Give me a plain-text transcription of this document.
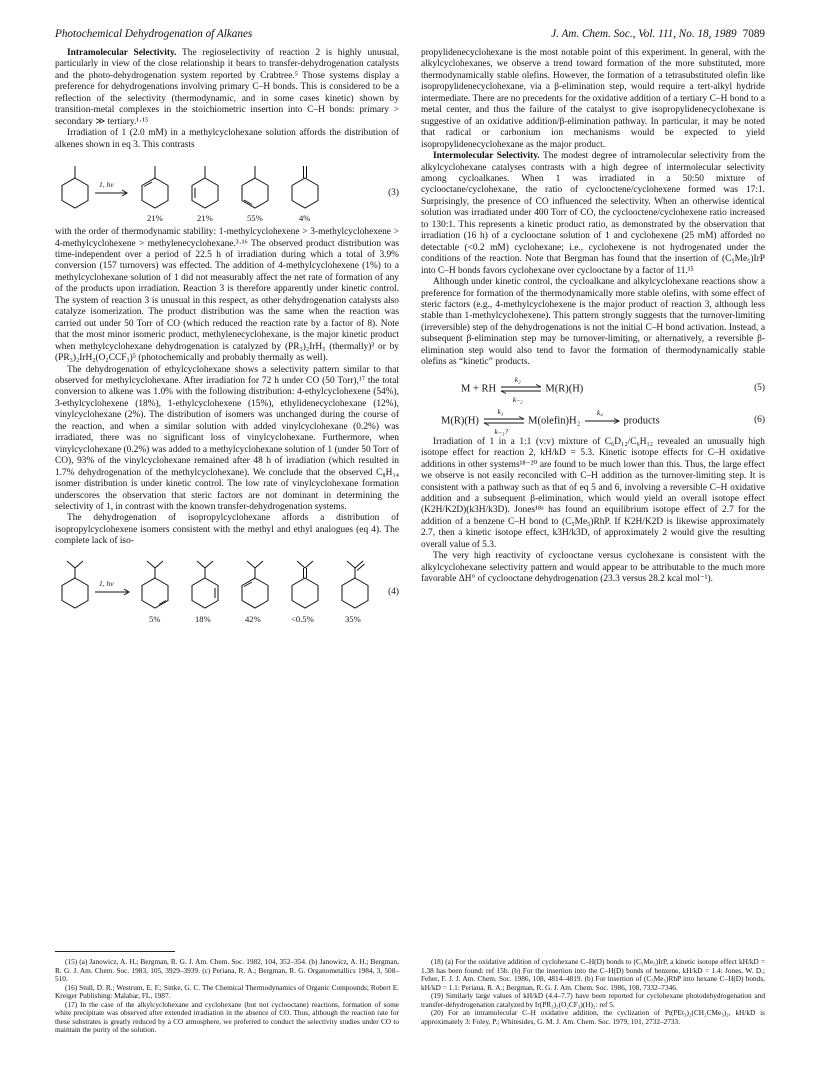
Photochemical Dehydrogenation of Alkanes	J. Am. Chem. Soc., Vol. 111, No. 18, 1989 7089

Intramolecular Selectivity. The regioselectivity of reaction 2 is highly unusual, particularly in view of the close relationship it bears to transfer-dehydrogenation catalysts and the photo-dehydrogenation system reported by Crabtree.⁵ Those systems display a preference for dehydrogenations involving primary C–H bonds. This is considered to be a reflection of the selectivity (thermodynamic, and in some cases kinetic) shown by transition-metal complexes in the stoichiometric insertion into C–H bonds: primary > secondary ≫ tertiary.¹·¹⁵

Irradiation of 1 (2.0 mM) in a methylcyclohexane solution affords the distribution of alkenes shown in eq 3. This contrasts

1, hν
(3)
21%	21%	55%	4%

with the order of thermodynamic stability: 1-methylcyclohexene > 3-methylcyclohexene > 4-methylcyclohexene > methylenecyclohexane.³·¹⁶ The observed product distribution was time-independent over a period of 22.5 h of irradiation during which a total of 3.9% conversion (157 turnovers) was effected. The addition of 4-methylcyclohexene (1%) to a methylcyclohexane solution of 1 did not measurably affect the net rate of formation of any of the products upon irradiation. Reaction 3 is therefore apparently under kinetic control. The system of reaction 3 is unusual in this respect, as other dehydrogenation catalysts also catalyze isomerization. The product distribution was the same when the reaction was carried out under 50 Torr of CO (which reduced the reaction rate by a factor of 8). Note that the most minor isomeric product, methylenecyclohexane, is the major kinetic product when methylcyclohexane dehydrogenation is catalyzed by (PR₃)₂IrH₅ (thermally)³ or by (PR₃)₂IrH₂(O₂CCF₃)⁵ (photochemically and probably thermally as well).

The dehydrogenation of ethylcyclohexane shows a selectivity pattern similar to that observed for methylcyclohexane. After irradiation for 72 h under CO (50 Torr),¹⁷ the total conversion to alkene was 1.0% with the following distribution: 4-ethylcyclohexene (54%), 3-ethylcyclohexene (18%), 1-ethylcyclohexene (15%), ethylidenecyclohexane (12%), vinylcyclohexane (2%). The distribution of isomers was unchanged during the course of the reaction, and when a similar solution with added vinylcyclohexane (0.2%) was irradiated, there was no significant loss of vinylcyclohexane. Furthermore, when vinylcyclohexane (0.2%) was added to a methylcyclohexane solution of 1 (under 50 Torr of CO), 93% of the vinylcyclohexane remained after 48 h of irradiation (which resulted in 1.7% dehydrogenation of the methylcyclohexane). We conclude that the observed C₈H₁₄ isomer distribution is under kinetic control. The low rate of vinylcyclohexane formation underscores the observation that steric factors are not dominant in determining the selectivity of 1, in contrast with the known transfer-dehydrogenation systems.

The dehydrogenation of isopropylcyclohexane affords a distribution of isopropylcyclohexene isomers consistent with the methyl and ethyl analogues (eq 4). The complete lack of iso-

1, hν
(4)
5%	18%	42%	<0.5%	35%

propylidenecyclohexane is the most notable point of this experiment. In general, with the alkylcyclohexanes, we observe a trend toward formation of the more substituted, more thermodynamically stable olefins. However, the formation of a tetrasubstituted olefin like isopropylidenecyclohexane, via a β-elimination step, would require a tert-alkyl hydride intermediate. There are no precedents for the oxidative addition of a tertiary C–H bond to a metal center, and thus the failure of the catalyst to give isopropylidenecyclohexane is suggestive of an oxidative addition/β-elimination pathway. In particular, it may be noted that radical or carbonium ion mechanisms would be expected to yield isopropylidenecyclohexane as the major product.

Intermolecular Selectivity. The modest degree of intramolecular selectivity from the alkylcyclohexane catalyses contrasts with a high degree of intermolecular selectivity among cycloalkanes. When 1 was irradiated in a 50:50 mixture of cyclooctane/cyclohexane, the ratio of cyclooctene/cyclohexene formed was 17:1. Surprisingly, the presence of CO influenced the selectivity. When an otherwise identical solution was irradiated under 400 Torr of CO, the cyclooctene/cyclohexene ratio increased to 130:1. This represents a kinetic product ratio, as demonstrated by the observation that irradiation (16 h) of a cyclooctane solution of 1 and cyclohexene (25 mM) afforded no detectable (<0.2 mM) cyclohexane; i.e., cyclohexene is not hydrogenated under the conditions of the reaction. Note that Bergman has found that the insertion of (C₅Me₅)IrP into C–H bonds favors cyclohexane over cyclooctane by a factor of 11.¹⁵

Although under kinetic control, the cycloalkane and alkylcyclohexane reactions show a preference for formation of the thermodynamically more stable olefins, with some effect of steric factors (e.g., 4-methylcyclohexene is the major product of reaction 3, although less stable than 1-methylcyclohexene). This pattern strongly suggests that the turnover-limiting (irreversible) step of the dehydrogenations is not the initial C–H bond activation. Instead, a subsequent β-elimination step may be turnover-limiting, or alternatively, a reversible β-elimination step would also tend to favor the formation of thermodynamically stable olefins as “kinetic” products.

M + RH
k₂
k₋₂
M(R)(H)	(5)
M(R)(H)
k₃
k₋₃?
M(olefin)H₂
k₄
products	(6)

Irradiation of 1 in a 1:1 (v:v) mixture of C₆D₁₂/C₆H₁₂ revealed an unusually high isotope effect for reaction 2, kH/kD = 5.3. Kinetic isotope effects for C–H oxidative additions in other systems¹⁸⁻²⁰ are found to be much lower than this. Thus, the large effect we observe is not easily reconciled with C–H addition as the turnover-limiting step. It is consistent with a pathway such as that of eq 5 and 6, involving a reversible C–H oxidative addition and a subsequent β-elimination, which would yield an overall isotope effect (K2H/K2D)(k3H/k3D). Jones¹⁸ᵃ has found an equilibrium isotope effect of 2.7 for the addition of a benzene C–H bond to (C₅Me₅)RhP. If K2H/K2D is likewise approximately 2.7, then a kinetic isotope effect, k3H/k3D, of approximately 2 would give the resulting overall value of 5.3.

The very high reactivity of cyclooctane versus cyclohexane is consistent with the alkylcyclohexane selectivity pattern and would appear to be attributable to the much more favorable ΔH° of cyclooctane dehydrogenation (23.3 versus 28.2 kcal mol⁻¹).

(15) (a) Janowicz, A. H.; Bergman, R. G. J. Am. Chem. Soc. 1982, 104, 352–354. (b) Janowicz, A. H.; Bergman, R. G. J. Am. Chem. Soc. 1983, 105, 3929–3939. (c) Periana, R. A.; Bergman, R. G. Organometallics 1984, 3, 508–510.

(16) Stull, D. R.; Westrum, E. F.; Sinke, G. C. The Chemical Thermodynamics of Organic Compounds; Robert E. Kreiger Publishing: Malabar, FL, 1987.

(17) In the case of the alkylcyclohexane and cyclohexane (but not cyclooctane) reactions, formation of some white precipitate was observed after extended irradiation in the absence of CO. Thus, although the reaction rate for these substrates is greatly reduced by a CO atmosphere, we preferred to conduct the selectivity studies under CO to maintain the purity of the solution.

(18) (a) For the oxidative addition of cyclohexane C–H(D) bonds to (C₅Me₅)IrP, a kinetic isotope effect kH/kD = 1.38 has been found: ref 15b. (b) For the insertion into the C–H(D) bonds of benzene, kH/kD = 1.4: Jones, W. D.; Feher, F. J. J. Am. Chem. Soc. 1986, 108, 4814–4819. (b) For insertion of (C₅Me₅)RhP into hexane C–H(D) bonds, kH/kD = 1.1: Periana, R. A.; Bergman, R. G. J. Am. Chem. Soc. 1986, 108, 7332–7346.

(19) Similarly large values of kH/kD (4.4–7.7) have been reported for cyclohexane photodehydrogenation and transfer-dehydrogenation catalyzed by Ir(PR₃)₂(O₂CF₃)(H)₂: ref 5.

(20) For an intramolecular C–H oxidative addition, the cyclization of Pt(PEt₃)₂(CH₂CMe₃)₂, kH/kD is approximately 3: Foley, P.; Whitesides, G. M. J. Am. Chem. Soc. 1979, 101, 2732–2733.
